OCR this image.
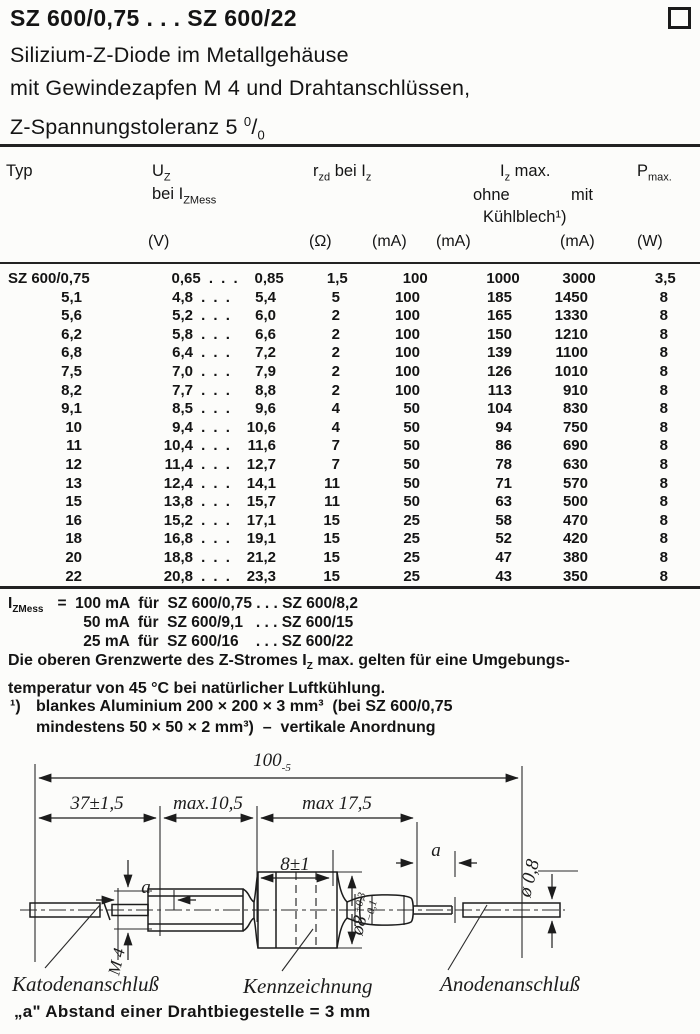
SZ 600/0,75 . . . SZ 600/22
Silizium-Z-Diode im Metallgehäuse
mit Gewindezapfen M 4 und Drahtanschlüssen,
Z-Spannungstoleranz 5 $^0/_0$
Typ	$U_Z$
bei $I_{ZMess}$
$r_{zd}$ bei $I_z$	$I_z$ max.
ohne	mit
Kühlblech¹)
$P_{max.}$
(V)	(Ω)	(mA) (mA)	(mA)	(W)
SZ 600/0,75	0,65 . . . 0,85	1,5	100	1000	3000	3,5
5,1	4,8 . . .	5,4	5	100	185	1450	8
5,6	5,2 . . .	6,0	2	100	165	1330	8
6,2	5,8 . . .	6,6	2	100	150	1210	8
6,8	6,4 . . .	7,2	2	100	139	1100	8
7,5	7,0 . . .	7,9	2	100	126	1010	8
8,2	7,7 . . .	8,8	2	100	113	910	8
9,1	8,5 . . .	9,6	4	50	104	830	8
10	9,4 . . . 10,6	4	50	94	750	8
11	10,4 . . .	11,6	7	50	86	690	8
12	11,4 . . . 12,7	7	50	78	630	8
13	12,4 . . . 14,1	11	50	71	570	8
15	13,8 . . . 15,7	11	50	63	500	8
16	15,2 . . . 17,1	15	25	58	470	8
18	16,8 . . . 19,1	15	25	52	420	8
20	18,8 . . . 21,2	15	25	47	380	8
22	20,8 . . . 23,3	15	25	43	350	8
$I_{ZMess} = 100$ mA  für  SZ 600/0,75 . . . SZ 600/8,2
50 mA  für  SZ 600/9,1   . . . SZ 600/15
25 mA  für  SZ 600/16    . . . SZ 600/22
Die oberen Grenzwerte des Z-Stromes $I_Z$ max. gelten für eine Umgebungs-
temperatur von 45 °C bei natürlicher Luftkühlung.
¹) blankes Aluminium 200 × 200 × 3 mm³  (bei SZ 600/0,75
mindestens 50 × 50 × 2 mm³)  –  vertikale Anordnung
$100_{-5}$
37±1,5	max.10,5	max 17,5
8±1
a
a
$ø8^{+0,3}-0,1$
ø 0,8
M 4
Katodenanschluß	Kennzeichnung	Anodenanschluß
„a" Abstand einer Drahtbiegestelle = 3 mm
